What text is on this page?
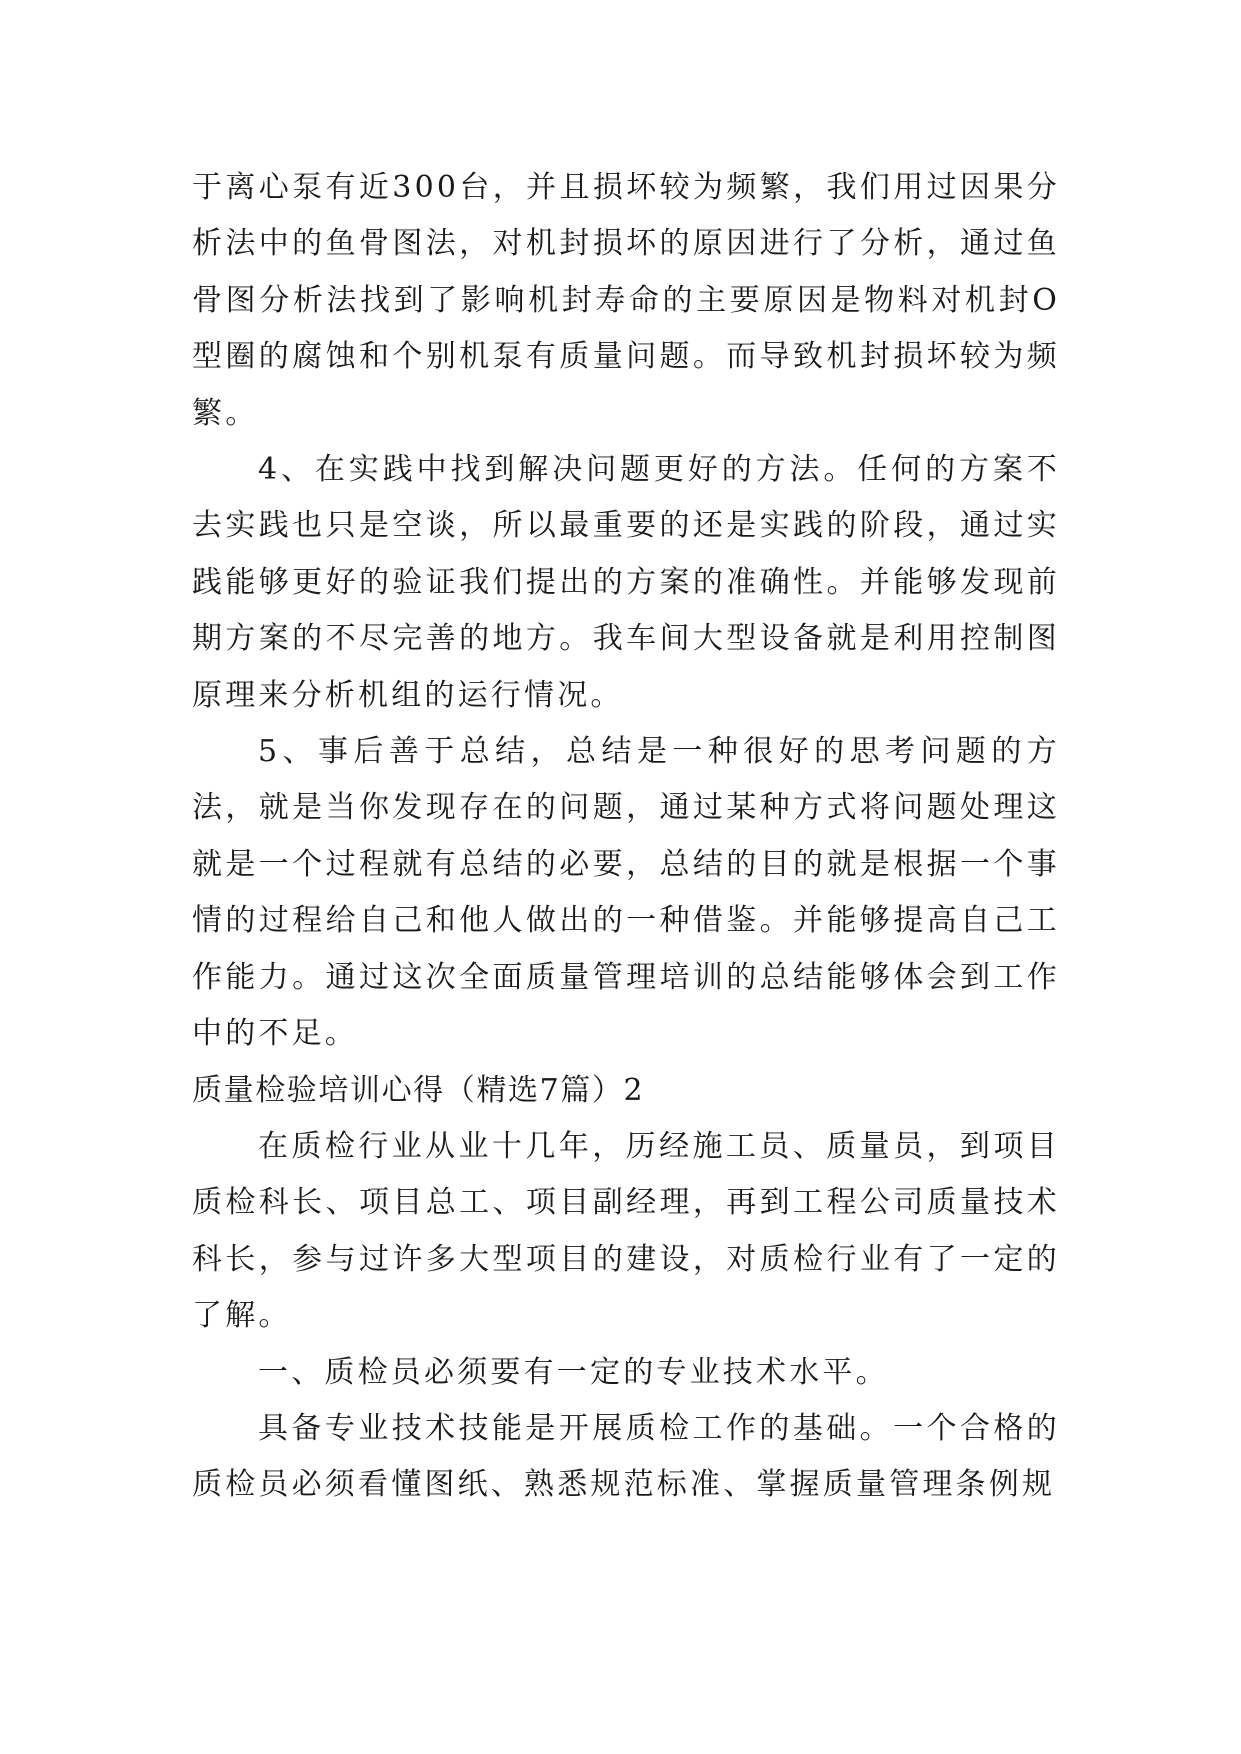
于离心泵有近300台，并且损坏较为频繁，我们用过因果分析法中的鱼骨图法，对机封损坏的原因进行了分析，通过鱼骨图分析法找到了影响机封寿命的主要原因是物料对机封O型圈的腐蚀和个别机泵有质量问题。而导致机封损坏较为频繁。

4、在实践中找到解决问题更好的方法。任何的方案不去实践也只是空谈，所以最重要的还是实践的阶段，通过实践能够更好的验证我们提出的方案的准确性。并能够发现前期方案的不尽完善的地方。我车间大型设备就是利用控制图原理来分析机组的运行情况。

5、事后善于总结，总结是一种很好的思考问题的方法，就是当你发现存在的问题，通过某种方式将问题处理这就是一个过程就有总结的必要，总结的目的就是根据一个事情的过程给自己和他人做出的一种借鉴。并能够提高自己工作能力。通过这次全面质量管理培训的总结能够体会到工作中的不足。

质量检验培训心得（精选7篇）2

在质检行业从业十几年，历经施工员、质量员，到项目质检科长、项目总工、项目副经理，再到工程公司质量技术科长，参与过许多大型项目的建设，对质检行业有了一定的了解。

一、质检员必须要有一定的专业技术水平。

具备专业技术技能是开展质检工作的基础。一个合格的质检员必须看懂图纸、熟悉规范标准、掌握质量管理条例规
